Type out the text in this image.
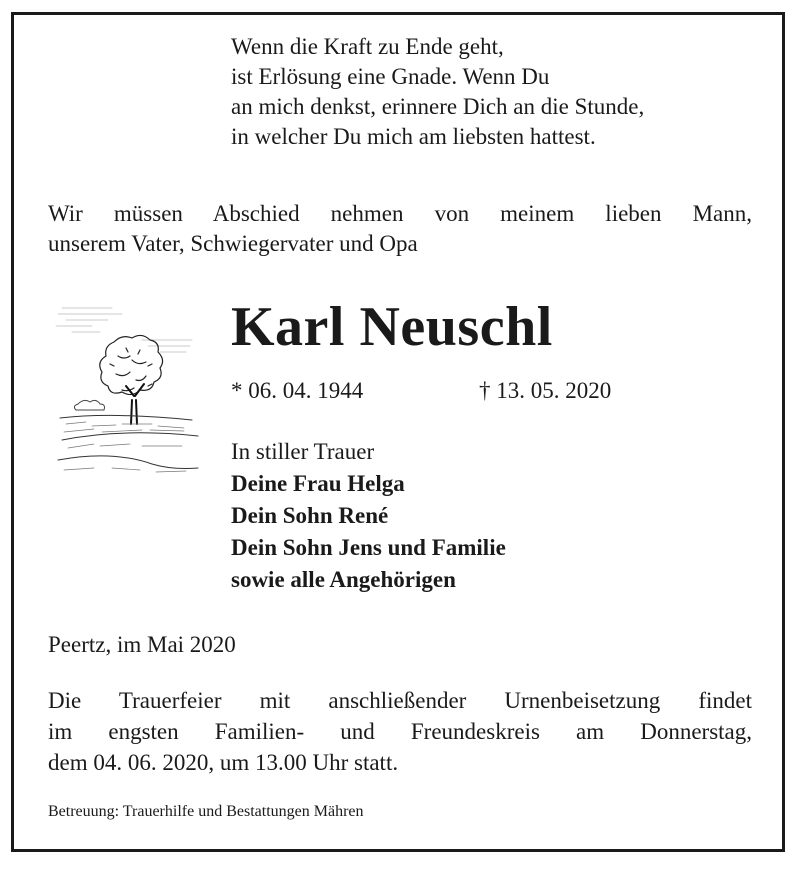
Wenn die Kraft zu Ende geht,
ist Erlösung eine Gnade. Wenn Du
an mich denkst, erinnere Dich an die Stunde,
in welcher Du mich am liebsten hattest.
Wir müssen Abschied nehmen von meinem lieben Mann,
unserem Vater, Schwiegervater und Opa
Karl Neuschl
* 06. 04. 1944	† 13. 05. 2020
In stiller Trauer
Deine Frau Helga
Dein Sohn René
Dein Sohn Jens und Familie
sowie alle Angehörigen
Peertz, im Mai 2020
Die Trauerfeier mit anschließender Urnenbeisetzung findet
im engsten Familien- und Freundeskreis am Donnerstag,
dem 04. 06. 2020, um 13.00 Uhr statt.
Betreuung: Trauerhilfe und Bestattungen Mähren
